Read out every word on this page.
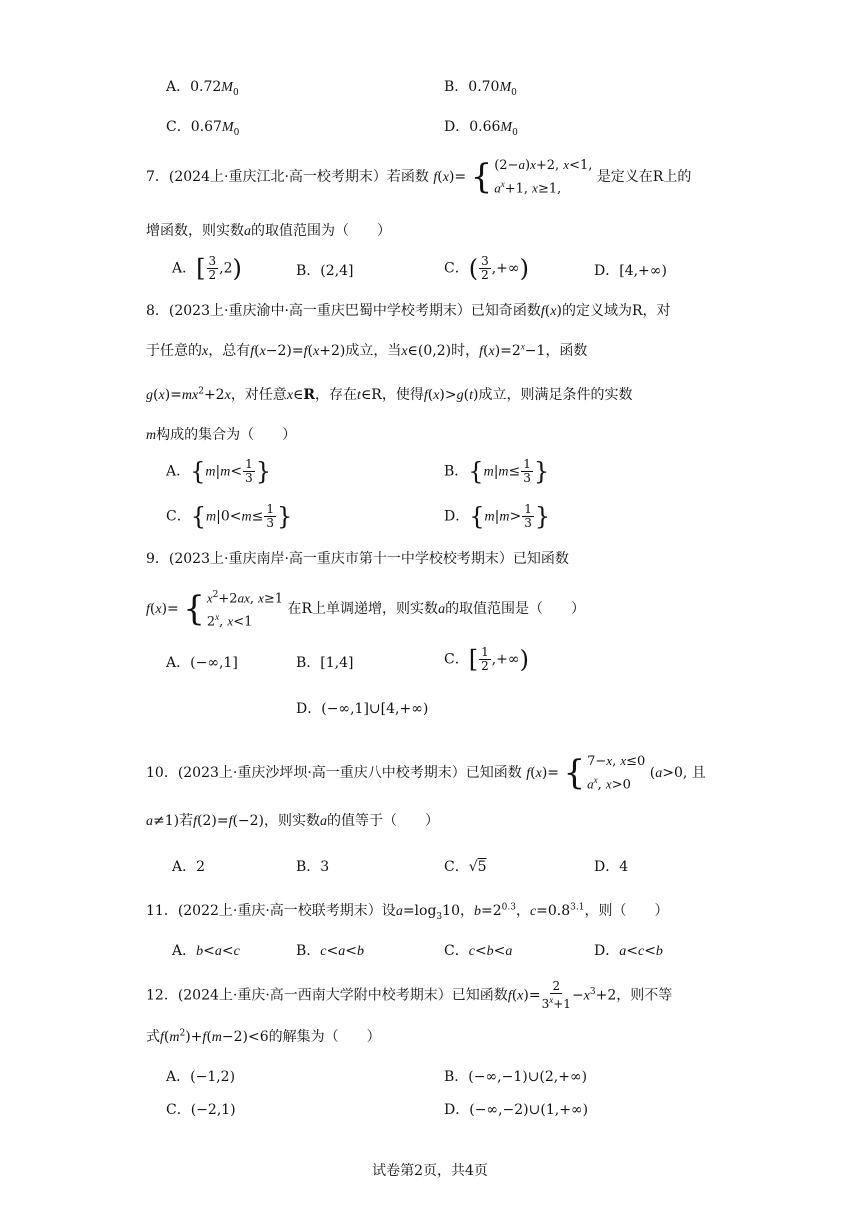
A．$0.72M_0$	B．$0.70M_0$
C．$0.67M_0$	D．$0.66M_0$
7．(2024上·重庆江北·高一校考期末）若函数 f(x)= { (2−a)x+2, x<1,
$a^x+1$, x≥1,
是定义在R上的
增函数，则实数a的取值范围为（　　）
A．[ $\frac{3}{2} ,2$)	B．(2,4]	C．( $\frac{3}{2}$ ,+∞)	D．[4,+∞)
8．(2023上·重庆渝中·高一重庆巴蜀中学校考期末）已知奇函数f(x)的定义域为R，对
于任意的x，总有f(x−2)=f(x+2)成立，当x∈(0,2)时，$f(x)=2^x-1$，函数
$g(x)=mx^2+2x$，对任意x∈R，存在t∈R，使得f(x)>g(t)成立，则满足条件的实数
m构成的集合为（　　）
A．{$m|m< \frac{1}{3}$ }	B．{$m|m\le \frac{1}{3}$ }
C．{$m|0<m\le \frac{1}{3}$ }	D．{$m|m> \frac{1}{3}$ }
9．(2023上·重庆南岸·高一重庆市第十一中学校校考期末）已知函数
f(x)= { $x^2+2ax$, x≥1
2$^x$, x<1
在R上单调递增，则实数a的取值范围是（　　）
A．(−∞,1]	B．[1,4]	C．[ $\frac{1}{2}$ ,+∞)
D．(−∞,1]∪[4,+∞)
10．(2023上·重庆沙坪坝·高一重庆八中校考期末）已知函数 f(x)= { 7−x, x≤0
$a^x$, x>0
(a>0, 且
a≠1)若f(2)=f(−2)，则实数a的值等于（　　）
A．2	B．3	C．√5	D．4
11．(2022上·重庆·高一校联考期末）设$a=\log_310$，$b=2^{0.3}$，$c=0.8^{3.1}$，则（　　）
A．b<a<c	B．c<a<b	C．c<b<a	D．a<c<b
12．(2024上·重庆·高一西南大学附中校考期末）已知函数$f(x)= \frac{2}{3^x+1} -x^3+2$，则不等
式$f(m^2)+f(m-2)<6$的解集为（　　）
A．(−1,2)	B．(−∞,−1)∪(2,+∞)
C．(−2,1)	D．(−∞,−2)∪(1,+∞)
试卷第2页，共4页
